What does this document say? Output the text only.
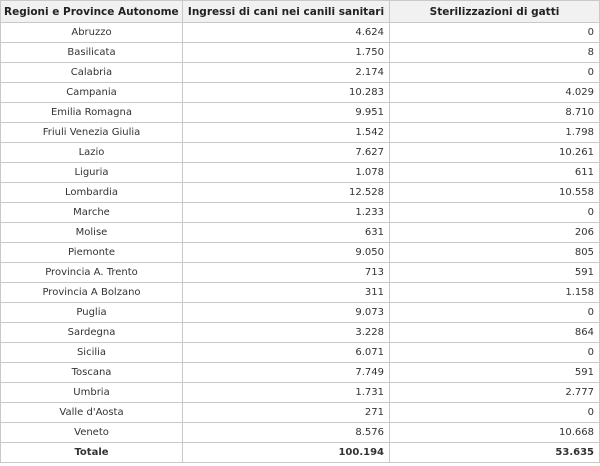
Regioni e Province Autonome	Ingressi di cani nei canili sanitari	Sterilizzazioni di gatti
Abruzzo	4.624	0
Basilicata	1.750	8
Calabria	2.174	0
Campania	10.283	4.029
Emilia Romagna	9.951	8.710
Friuli Venezia Giulia	1.542	1.798
Lazio	7.627	10.261
Liguria	1.078	611
Lombardia	12.528	10.558
Marche	1.233	0
Molise	631	206
Piemonte	9.050	805
Provincia A. Trento	713	591
Provincia A Bolzano	311	1.158
Puglia	9.073	0
Sardegna	3.228	864
Sicilia	6.071	0
Toscana	7.749	591
Umbria	1.731	2.777
Valle d'Aosta	271	0
Veneto	8.576	10.668
Totale	100.194	53.635
